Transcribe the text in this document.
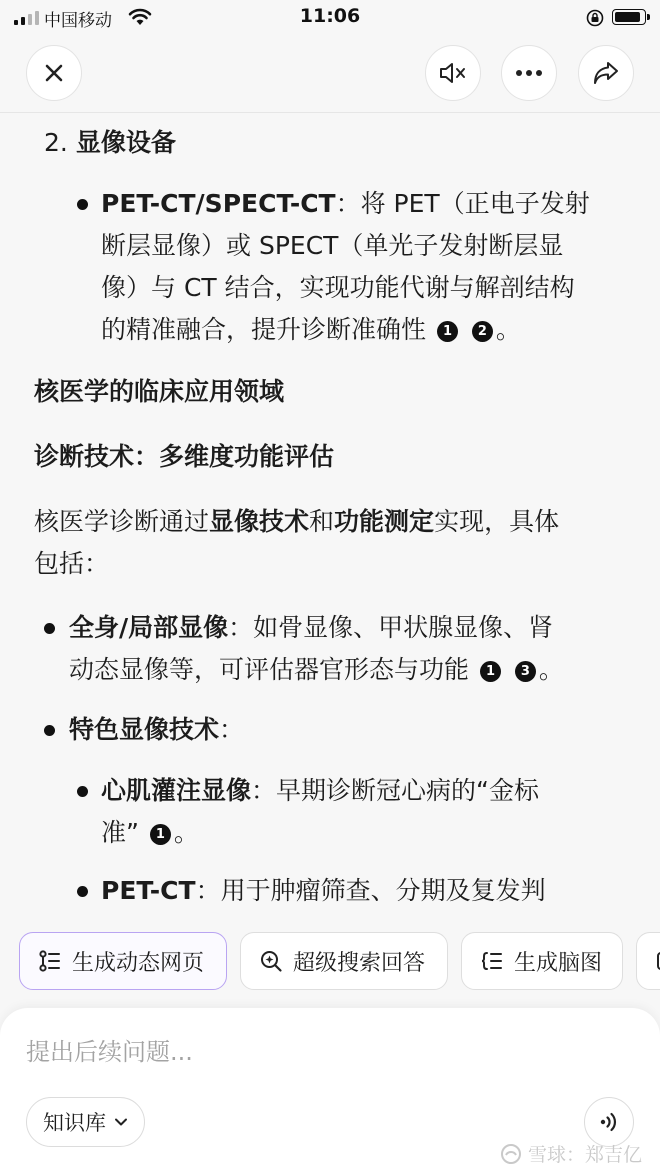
中国移动	11:06
2. 显像设备
PET-CT/SPECT-CT：将 PET（正电子发射
断层显像）或 SPECT（单光子发射断层显
像）与 CT 结合，实现功能代谢与解剖结构
的精准融合，提升诊断准确性 1 2 。
核医学的临床应用领域
诊断技术：多维度功能评估
核医学诊断通过显像技术和功能测定实现，具体
包括：
全身/局部显像：如骨显像、甲状腺显像、肾
动态显像等，可评估器官形态与功能 1 3 。
特色显像技术：
心肌灌注显像：早期诊断冠心病的“金标
准” 1 。
PET-CT：用于肿瘤筛查、分期及复发判
生成动态网页	超级搜索回答	生成脑图
提出后续问题...
知识库
雪球：郑吉亿
